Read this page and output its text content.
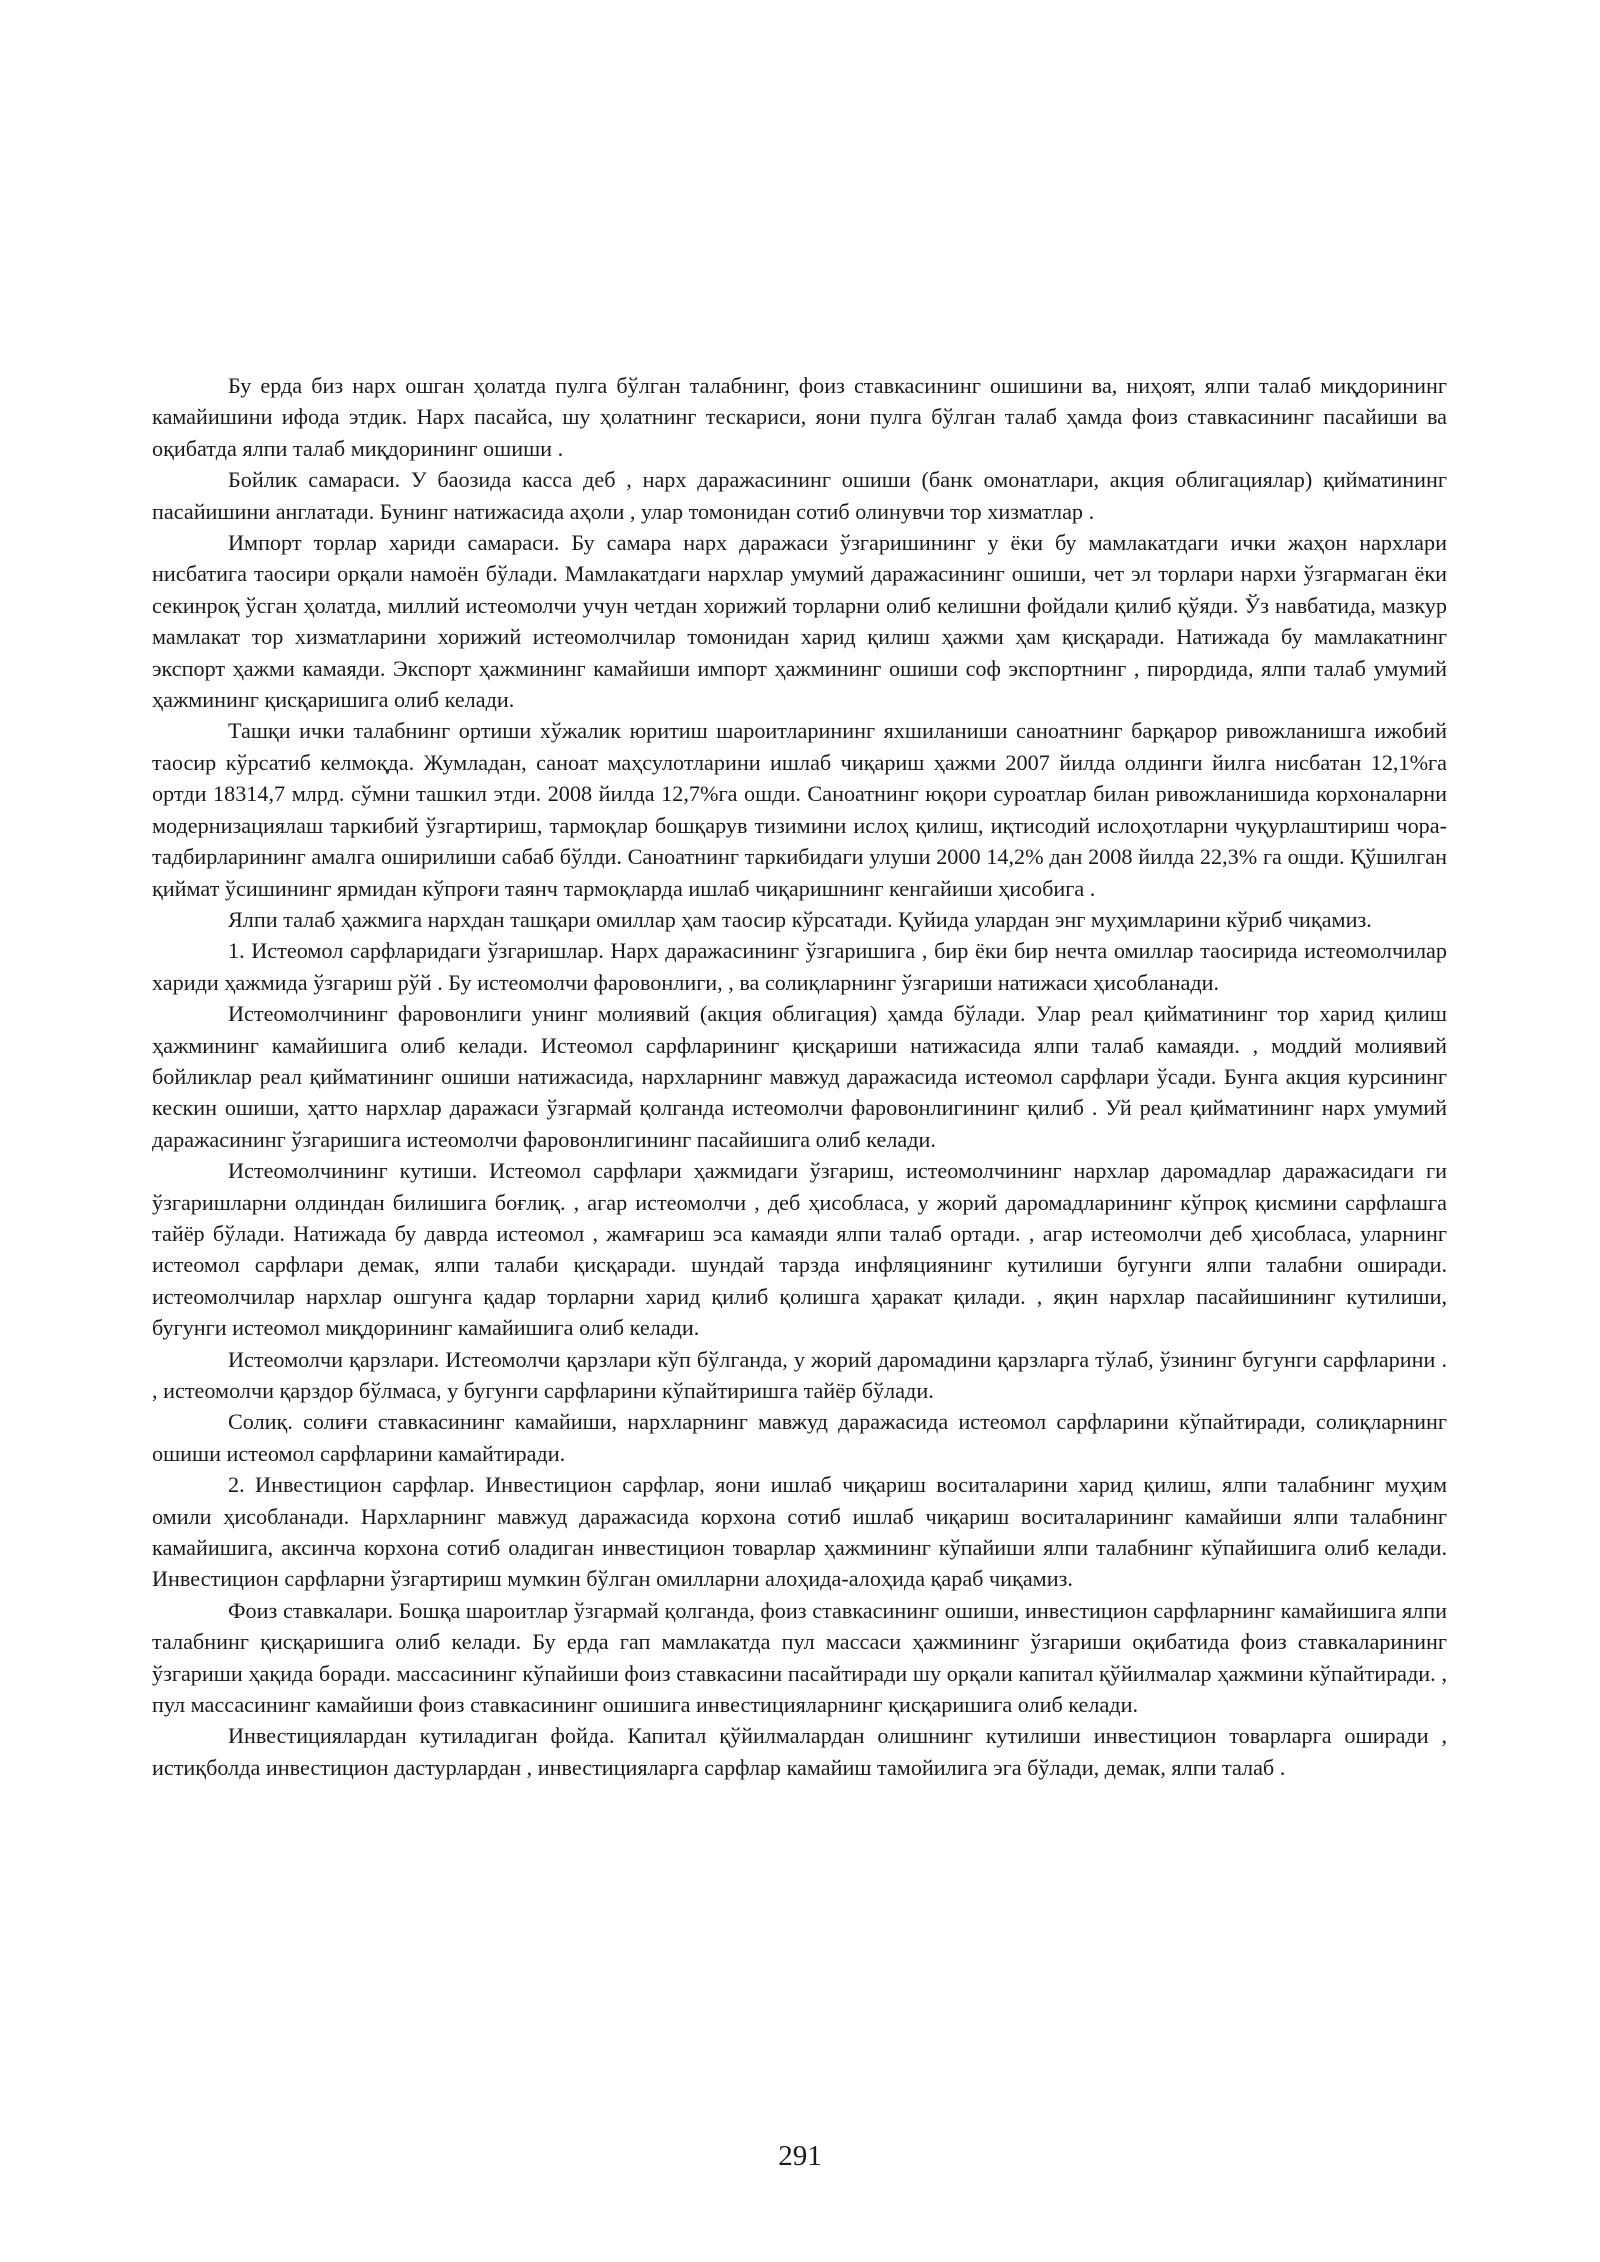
Бу ерда биз нарх ошган ҳолатда пулга бўлган талабнинг, фоиз ставкасининг ошишини ва, ниҳоят, ялпи талаб миқдорининг камайишини ифода этдик. Нарх пасайса, шу ҳолатнинг тескариси, яони пулга бўлган талаб ҳамда фоиз ставкасининг пасайиши ва оқибатда ялпи талаб миқдорининг ошиши .

Бойлик самараси. У баозида касса деб , нарх даражасининг ошиши (банк омонатлари, акция облигациялар) қийматининг пасайишини англатади. Бунинг натижасида аҳоли , улар томонидан сотиб олинувчи тор хизматлар .

Импорт торлар хариди самараси. Бу самара нарх даражаси ўзгаришининг у ёки бу мамлакатдаги ички жаҳон нархлари нисбатига таосири орқали намоён бўлади. Мамлакатдаги нархлар умумий даражасининг ошиши, чет эл торлари нархи ўзгармаган ёки секинроқ ўсган ҳолатда, миллий истеомолчи учун четдан хорижий торларни олиб келишни фойдали қилиб қўяди. Ўз навбатида, мазкур мамлакат тор хизматларини хорижий истеомолчилар томонидан харид қилиш ҳажми ҳам қисқаради. Натижада бу мамлакатнинг экспорт ҳажми камаяди. Экспорт ҳажмининг камайиши импорт ҳажмининг ошиши соф экспортнинг , пирордида, ялпи талаб умумий ҳажмининг қисқаришига олиб келади.

Ташқи ички талабнинг ортиши хўжалик юритиш шароитларининг яхшиланиши саноатнинг барқарор ривожланишга ижобий таосир кўрсатиб келмоқда. Жумладан, саноат маҳсулотларини ишлаб чиқариш ҳажми 2007 йилда олдинги йилга нисбатан 12,1%га ортди 18314,7 млрд. сўмни ташкил этди. 2008 йилда 12,7%га ошди. Саноатнинг юқори суроатлар билан ривожланишида корхоналарни модернизациялаш таркибий ўзгартириш, тармоқлар бошқарув тизимини ислоҳ қилиш, иқтисодий ислоҳотларни чуқурлаштириш чора-тадбирларининг амалга оширилиши сабаб бўлди. Саноатнинг таркибидаги улуши 2000 14,2% дан 2008 йилда 22,3% га ошди. Қўшилган қиймат ўсишининг ярмидан кўпроғи таянч тармоқларда ишлаб чиқаришнинг кенгайиши ҳисобига .

Ялпи талаб ҳажмига нархдан ташқари омиллар ҳам таосир кўрсатади. Қуйида улардан энг муҳимларини кўриб чиқамиз.

1. Истеомол сарфларидаги ўзгаришлар. Нарх даражасининг ўзгаришига , бир ёки бир нечта омиллар таосирида истеомолчилар хариди ҳажмида ўзгариш рўй . Бу истеомолчи фаровонлиги, , ва солиқларнинг ўзгариши натижаси ҳисобланади.

Истеомолчининг фаровонлиги унинг молиявий (акция облигация) ҳамда бўлади. Улар реал қийматининг тор харид қилиш ҳажмининг камайишига олиб келади. Истеомол сарфларининг қисқариши натижасида ялпи талаб камаяди. , моддий молиявий бойликлар реал қийматининг ошиши натижасида, нархларнинг мавжуд даражасида истеомол сарфлари ўсади. Бунга акция курсининг кескин ошиши, ҳатто нархлар даражаси ўзгармай қолганда истеомолчи фаровонлигининг қилиб . Уй реал қийматининг нарх умумий даражасининг ўзгаришига истеомолчи фаровонлигининг пасайишига олиб келади.

Истеомолчининг кутиши. Истеомол сарфлари ҳажмидаги ўзгариш, истеомолчининг нархлар даромадлар даражасидаги ги ўзгаришларни олдиндан билишига боғлиқ. , агар истеомолчи , деб ҳисобласа, у жорий даромадларининг кўпроқ қисмини сарфлашга тайёр бўлади. Натижада бу даврда истеомол , жамғариш эса камаяди ялпи талаб ортади. , агар истеомолчи деб ҳисобласа, уларнинг истеомол сарфлари демак, ялпи талаби қисқаради. шундай тарзда инфляциянинг кутилиши бугунги ялпи талабни оширади. истеомолчилар нархлар ошгунга қадар торларни харид қилиб қолишга ҳаракат қилади. , яқин нархлар пасайишининг кутилиши, бугунги истеомол миқдорининг камайишига олиб келади.

Истеомолчи қарзлари. Истеомолчи қарзлари кўп бўлганда, у жорий даромадини қарзларга тўлаб, ўзининг бугунги сарфларини . , истеомолчи қарздор бўлмаса, у бугунги сарфларини кўпайтиришга тайёр бўлади.

Солиқ. солиғи ставкасининг камайиши, нархларнинг мавжуд даражасида истеомол сарфларини кўпайтиради, солиқларнинг ошиши истеомол сарфларини камайтиради.

2. Инвестицион сарфлар. Инвестицион сарфлар, яони ишлаб чиқариш воситаларини харид қилиш, ялпи талабнинг муҳим омили ҳисобланади. Нархларнинг мавжуд даражасида корхона сотиб ишлаб чиқариш воситаларининг камайиши ялпи талабнинг камайишига, аксинча корхона сотиб оладиган инвестицион товарлар ҳажмининг кўпайиши ялпи талабнинг кўпайишига олиб келади. Инвестицион сарфларни ўзгартириш мумкин бўлган омилларни алоҳида-алоҳида қараб чиқамиз.

Фоиз ставкалари. Бошқа шароитлар ўзгармай қолганда, фоиз ставкасининг ошиши, инвестицион сарфларнинг камайишига ялпи талабнинг қисқаришига олиб келади. Бу ерда гап мамлакатда пул массаси ҳажмининг ўзгариши оқибатида фоиз ставкаларининг ўзгариши ҳақида боради. массасининг кўпайиши фоиз ставкасини пасайтиради шу орқали капитал қўйилмалар ҳажмини кўпайтиради. , пул массасининг камайиши фоиз ставкасининг ошишига инвестицияларнинг қисқаришига олиб келади.

Инвестициялардан кутиладиган фойда. Капитал қўйилмалардан олишнинг кутилиши инвестицион товарларга оширади , истиқболда инвестицион дастурлардан , инвестицияларга сарфлар камайиш тамойилига эга бўлади, демак, ялпи талаб .

291
